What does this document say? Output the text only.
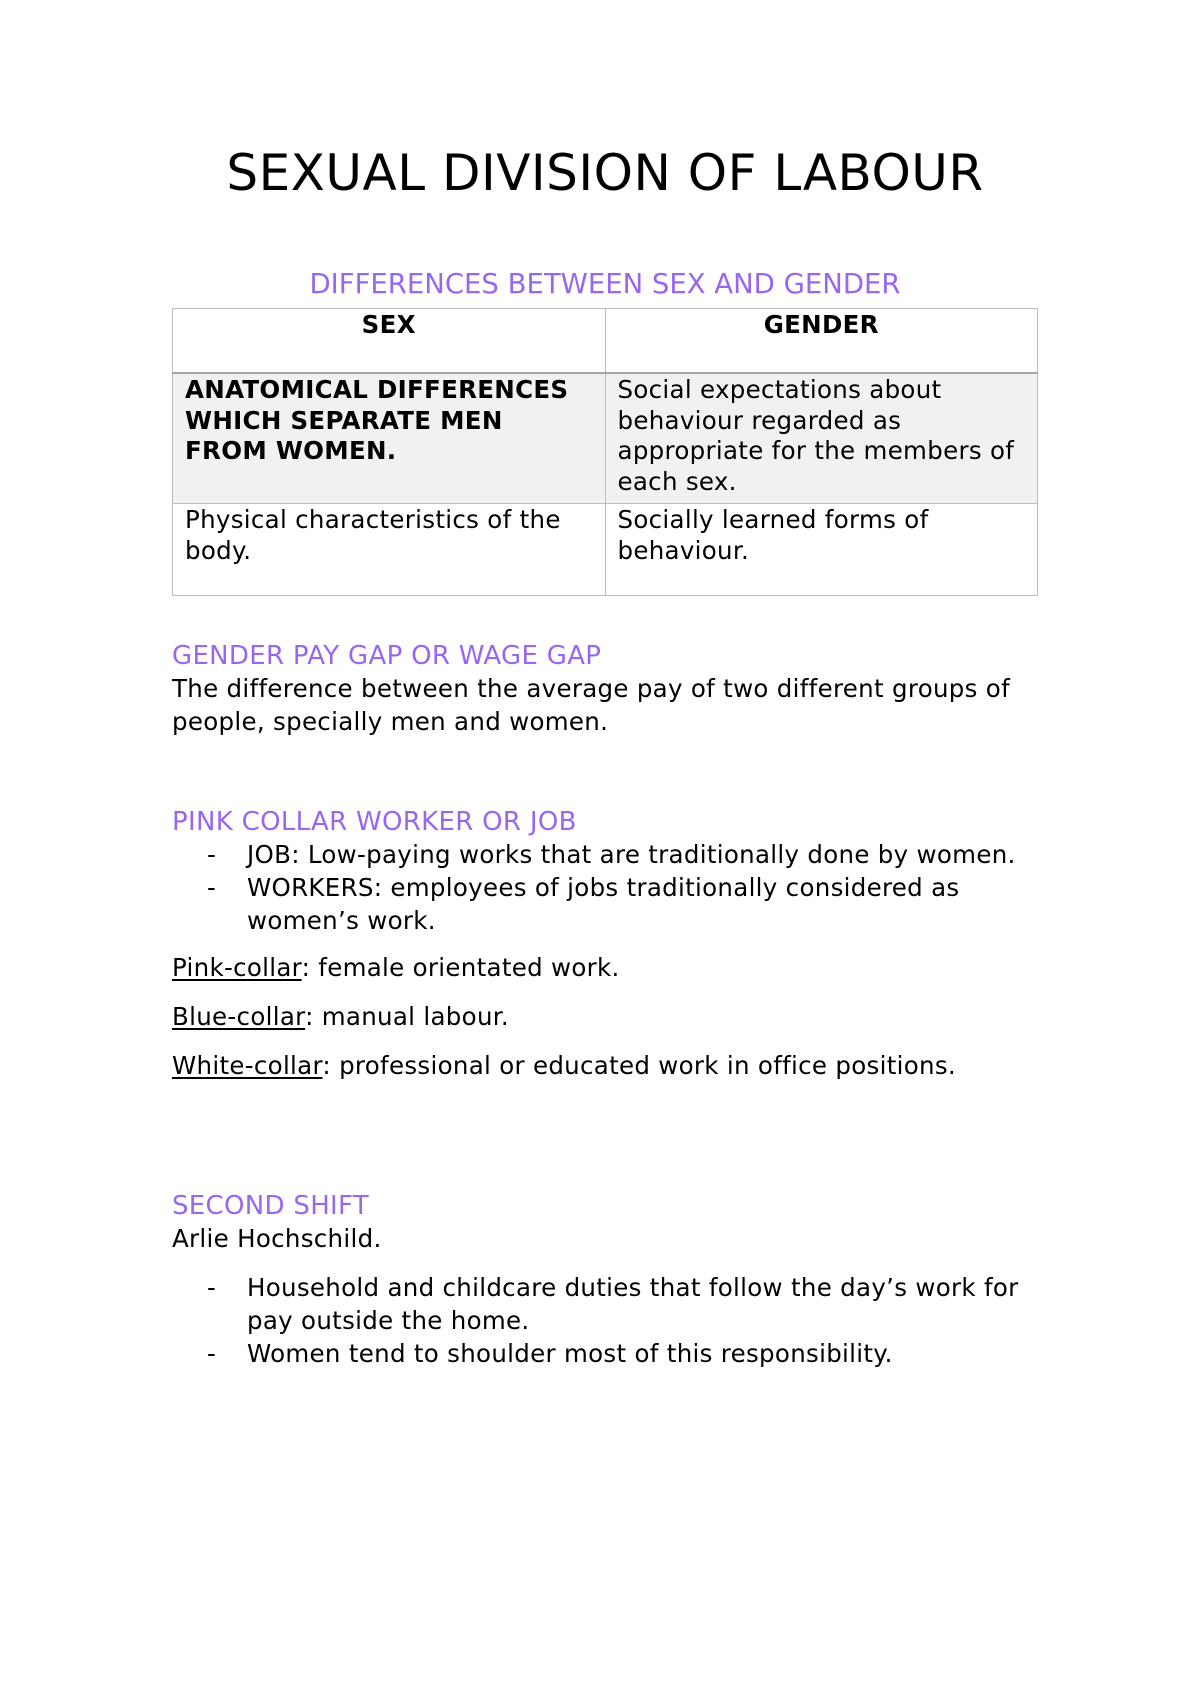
SEXUAL DIVISION OF LABOUR
DIFFERENCES BETWEEN SEX AND GENDER
SEX	GENDER
ANATOMICAL DIFFERENCES WHICH SEPARATE MEN FROM WOMEN.	Social expectations about behaviour regarded as appropriate for the members of each sex.
Physical characteristics of the body.	Socially learned forms of behaviour.
GENDER PAY GAP OR WAGE GAP

The difference between the average pay of two different groups of people, specially men and women.

PINK COLLAR WORKER OR JOB
- JOB: Low-paying works that are traditionally done by women.
- WORKERS: employees of jobs traditionally considered as women’s work.

Pink-collar: female orientated work.

Blue-collar: manual labour.

White-collar: professional or educated work in office positions.

SECOND SHIFT

Arlie Hochschild.

- Household and childcare duties that follow the day’s work for pay outside the home.
- Women tend to shoulder most of this responsibility.
